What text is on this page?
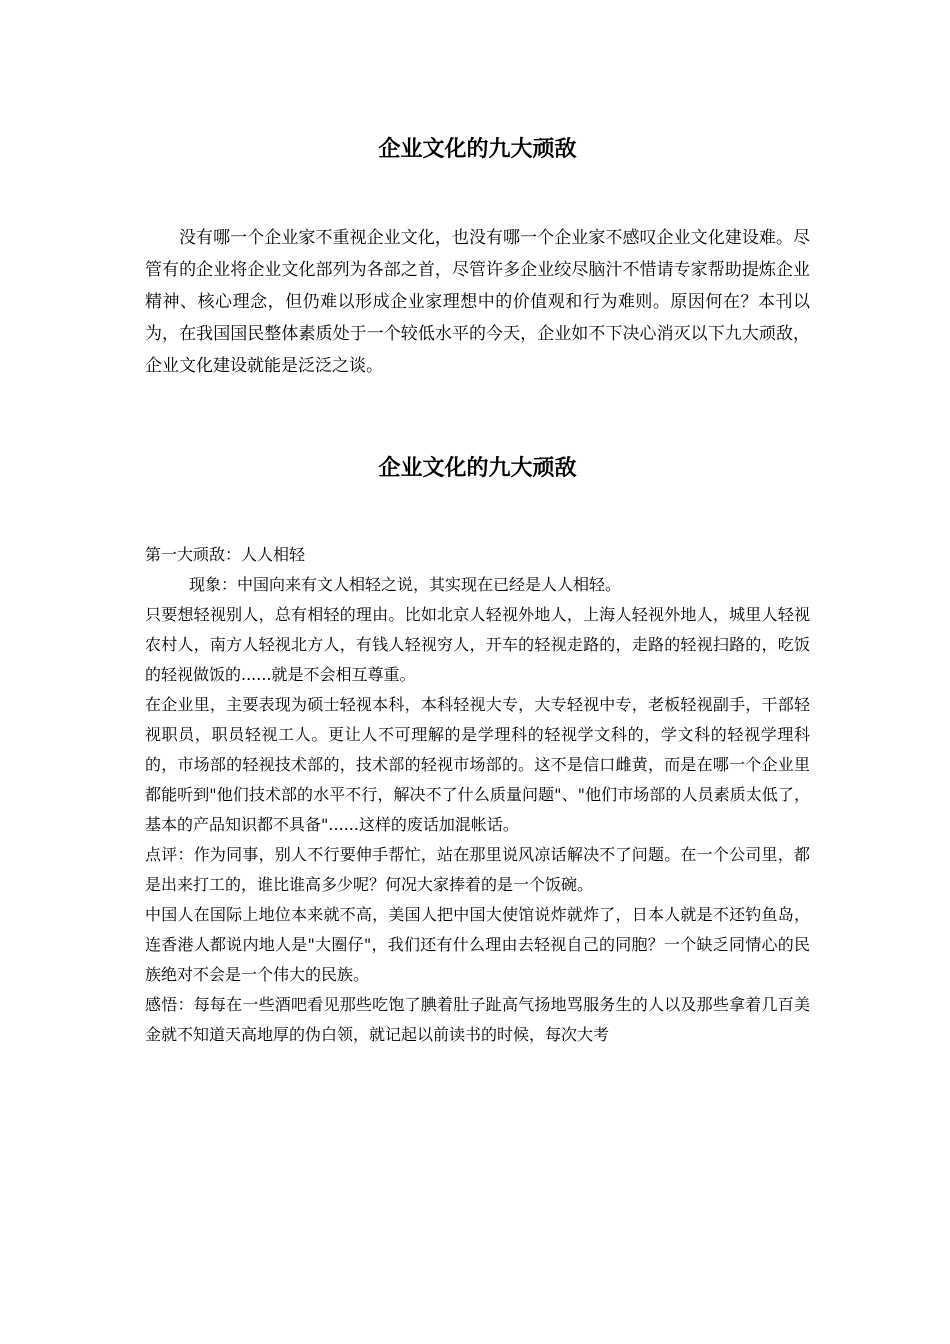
企业文化的九大顽敌

没有哪一个企业家不重视企业文化，也没有哪一个企业家不感叹企业文化建设难。尽管有的企业将企业文化部列为各部之首，尽管许多企业绞尽脑汁不惜请专家帮助提炼企业精神、核心理念，但仍难以形成企业家理想中的价值观和行为难则。原因何在？本刊以为，在我国国民整体素质处于一个较低水平的今天，企业如不下决心消灭以下九大顽敌，企业文化建设就能是泛泛之谈。

企业文化的九大顽敌

第一大顽敌：人人相轻

现象：中国向来有文人相轻之说，其实现在已经是人人相轻。

只要想轻视别人，总有相轻的理由。比如北京人轻视外地人，上海人轻视外地人，城里人轻视农村人，南方人轻视北方人，有钱人轻视穷人，开车的轻视走路的，走路的轻视扫路的，吃饭的轻视做饭的......就是不会相互尊重。

在企业里，主要表现为硕士轻视本科，本科轻视大专，大专轻视中专，老板轻视副手，干部轻视职员，职员轻视工人。更让人不可理解的是学理科的轻视学文科的，学文科的轻视学理科的，市场部的轻视技术部的，技术部的轻视市场部的。这不是信口雌黄，而是在哪一个企业里都能听到"他们技术部的水平不行，解决不了什么质量问题"、"他们市场部的人员素质太低了，基本的产品知识都不具备"......这样的废话加混帐话。

点评：作为同事，别人不行要伸手帮忙，站在那里说风凉话解决不了问题。在一个公司里，都是出来打工的，谁比谁高多少呢？何况大家捧着的是一个饭碗。

中国人在国际上地位本来就不高，美国人把中国大使馆说炸就炸了，日本人就是不还钓鱼岛，连香港人都说内地人是"大圈仔"，我们还有什么理由去轻视自己的同胞？一个缺乏同情心的民族绝对不会是一个伟大的民族。

感悟：每每在一些酒吧看见那些吃饱了腆着肚子趾高气扬地骂服务生的人以及那些拿着几百美金就不知道天高地厚的伪白领，就记起以前读书的时候，每次大考
